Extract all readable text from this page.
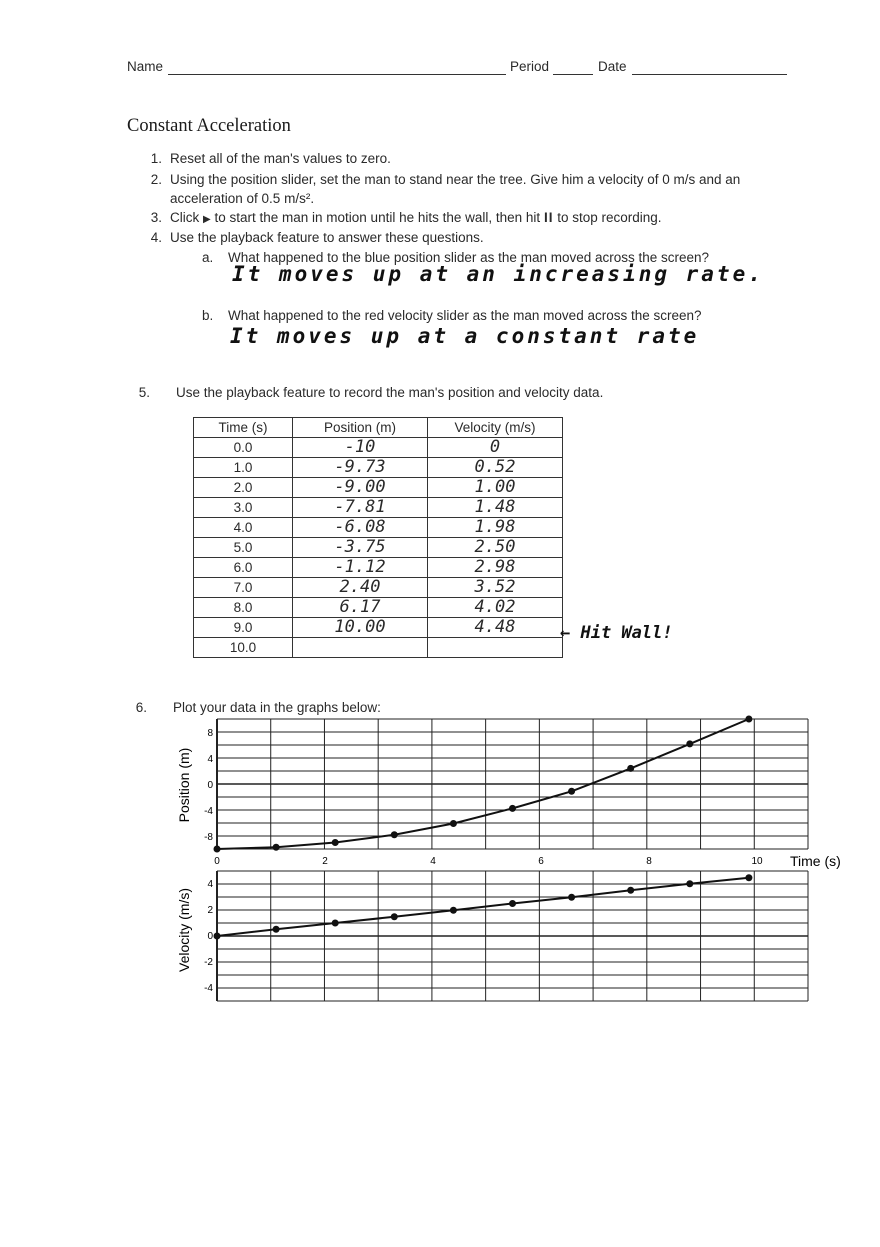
Name	Period	Date
Constant Acceleration
1. Reset all of the man's values to zero.
2. Using the position slider, set the man to stand near the tree. Give him a velocity of 0 m/s and an
acceleration of 0.5 m/s².
3. Click ▶ to start the man in motion until he hits the wall, then hit II to stop recording.
4. Use the playback feature to answer these questions.
a. What happened to the blue position slider as the man moved across the screen?
It moves up at an increasing rate.
b. What happened to the red velocity slider as the man moved across the screen?
It moves up at a constant rate
5. Use the playback feature to record the man's position and velocity data.
Time (s)	Position (m)	Velocity (m/s)
0.0	-10	0
1.0	-9.73	0.52
2.0	-9.00	1.00
3.0	-7.81	1.48
4.0	-6.08	1.98
5.0	-3.75	2.50
6.0	-1.12	2.98
7.0	2.40	3.52
8.0	6.17	4.02
9.0	10.00	4.48
10.0		
← Hit Wall!
6. Plot your data in the graphs below:
8
4
0
-4
-8
0	2	4	6	8	10 Time (s)
Position (m)
4
2
0
-2
-4
Velocity (m/s)
